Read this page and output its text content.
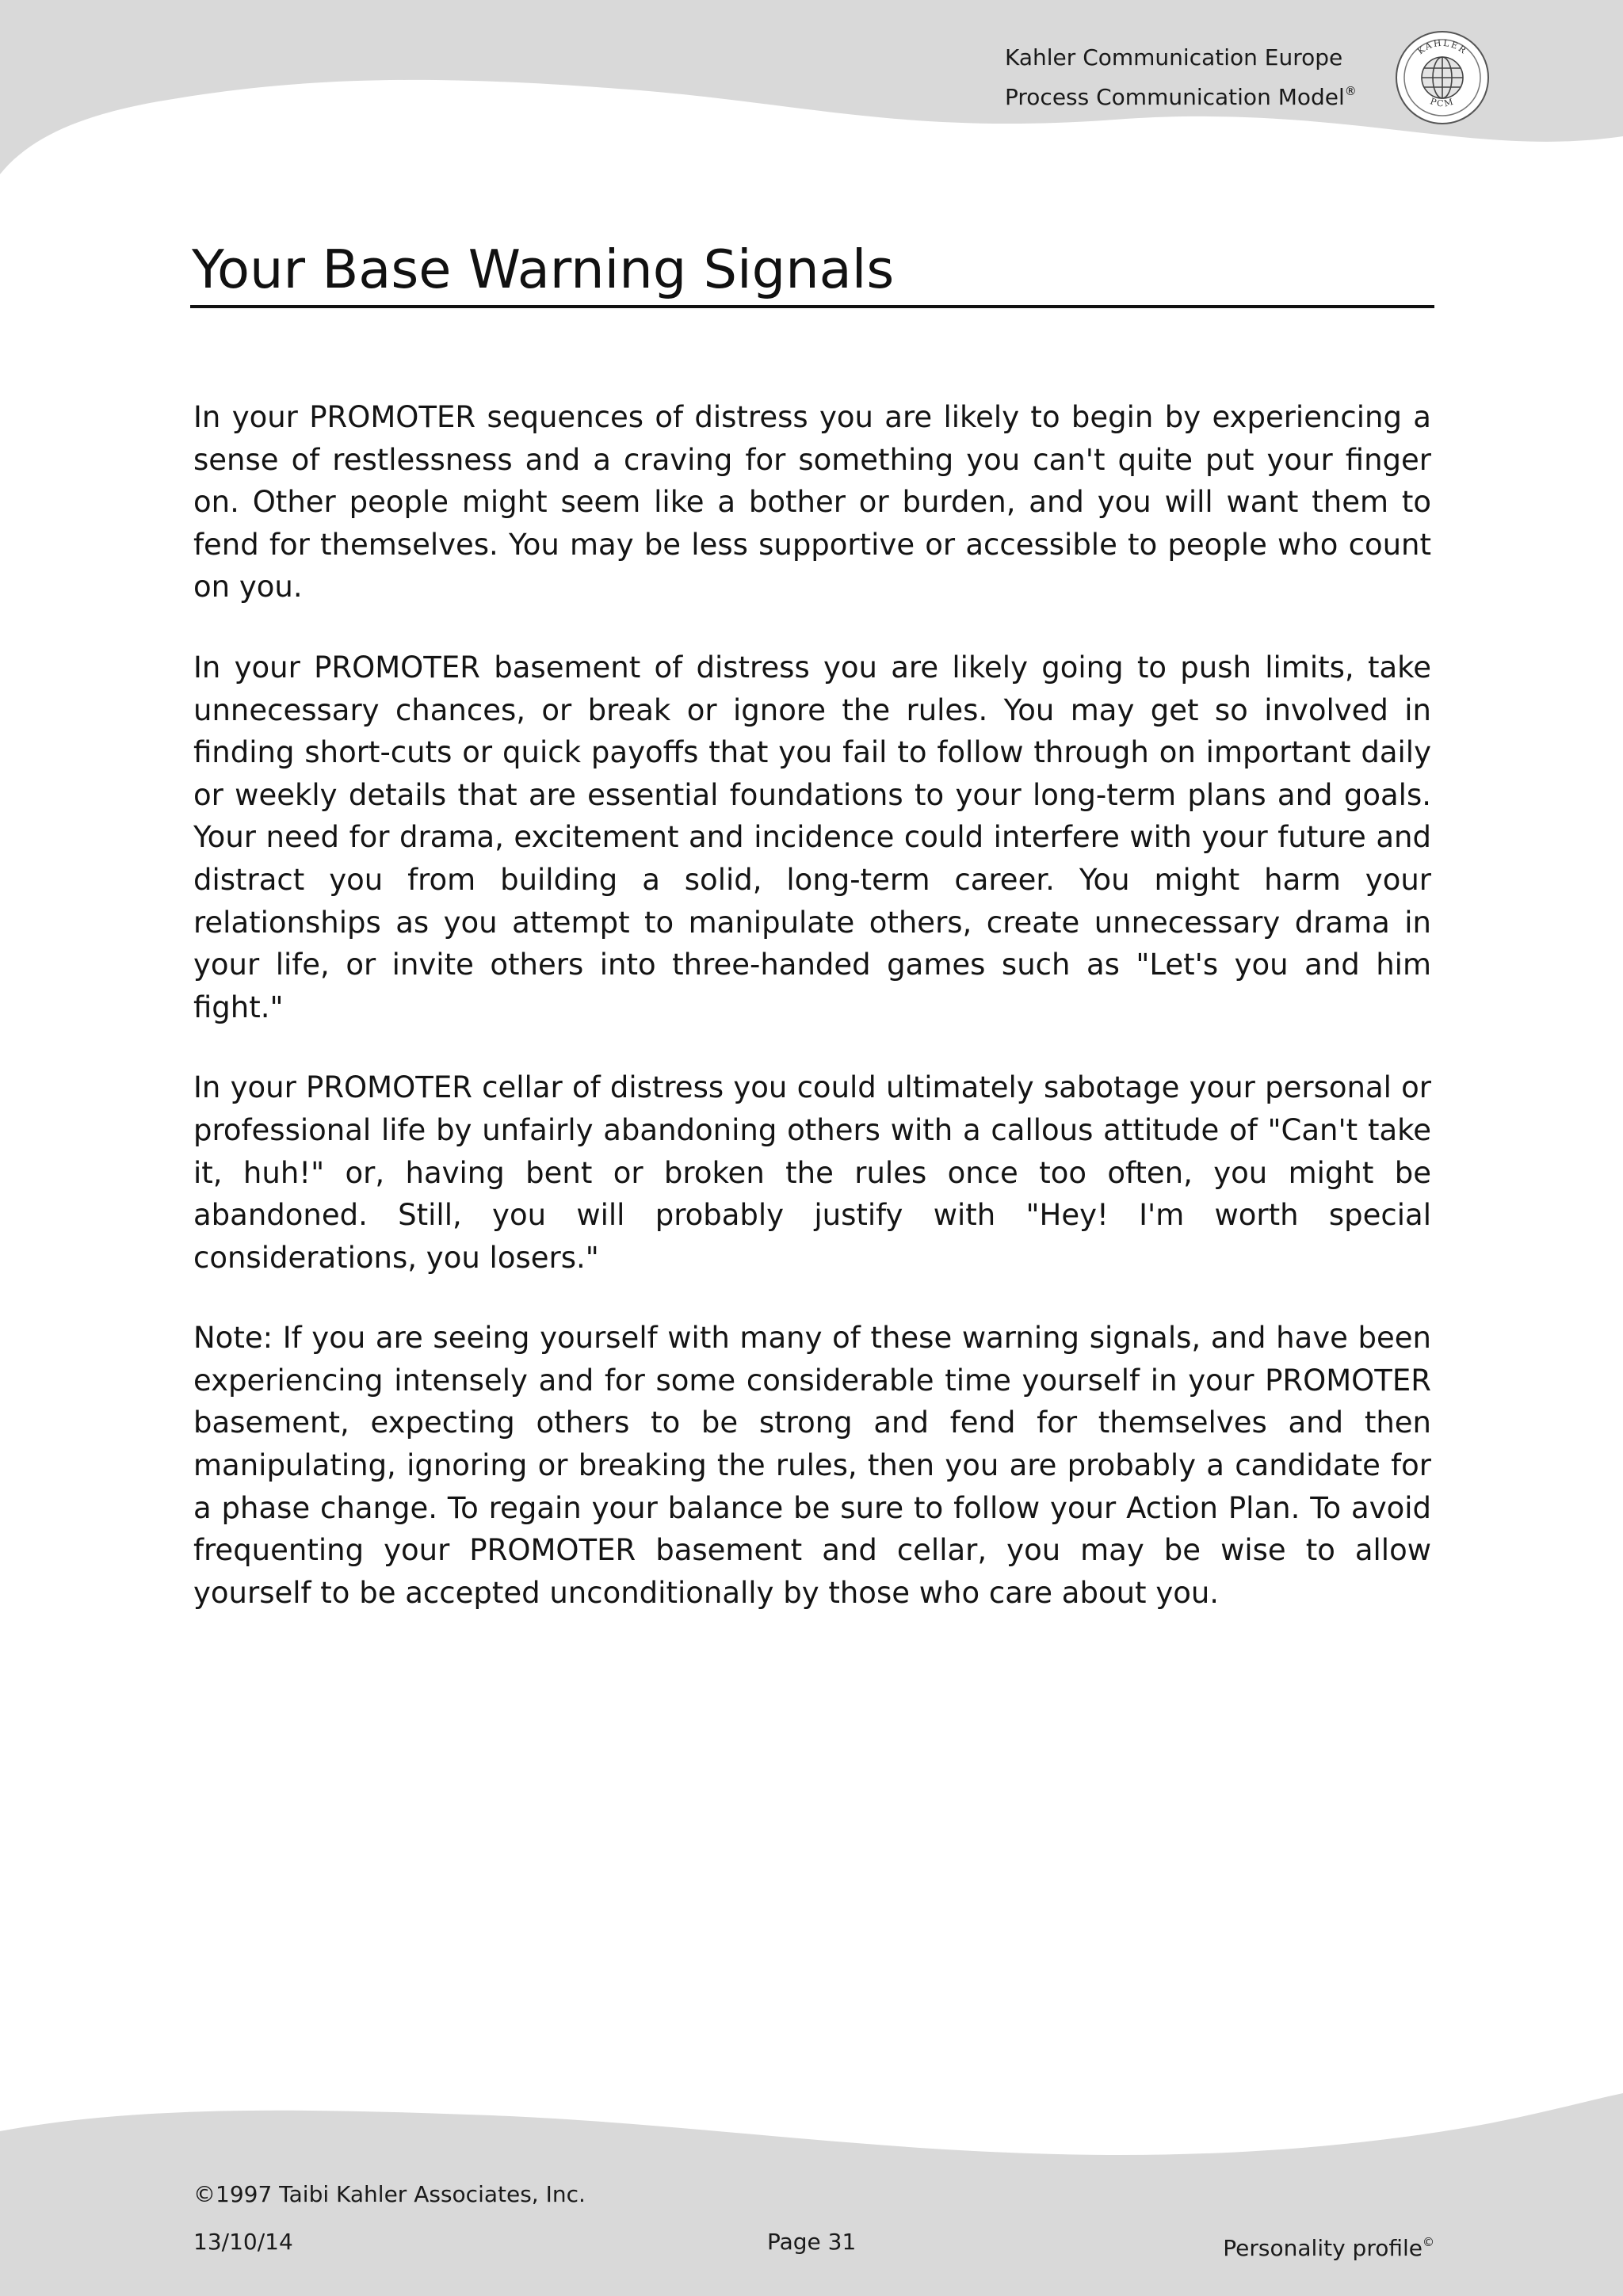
Kahler Communication Europe
Process Communication Model®
KAHLER
PCM
Your Base Warning Signals

In your PROMOTER sequences of distress you are likely to begin by experiencing a sense of restlessness and a craving for something you can't quite put your finger on. Other people might seem like a bother or burden, and you will want them to fend for themselves. You may be less supportive or accessible to people who count on you.

In your PROMOTER basement of distress you are likely going to push limits, take unnecessary chances, or break or ignore the rules. You may get so involved in finding short-cuts or quick payoffs that you fail to follow through on important daily or weekly details that are essential foundations to your long-term plans and goals. Your need for drama, excitement and incidence could interfere with your future and distract you from building a solid, long-term career. You might harm your relationships as you attempt to manipulate others, create unnecessary drama in your life, or invite others into three-handed games such as "Let's you and him fight."

In your PROMOTER cellar of distress you could ultimately sabotage your personal or professional life by unfairly abandoning others with a callous attitude of "Can't take it, huh!" or, having bent or broken the rules once too often, you might be abandoned. Still, you will probably justify with "Hey! I'm worth special considerations, you losers."

Note: If you are seeing yourself with many of these warning signals, and have been experiencing intensely and for some considerable time yourself in your PROMOTER basement, expecting others to be strong and fend for themselves and then manipulating, ignoring or breaking the rules, then you are probably a candidate for a phase change. To regain your balance be sure to follow your Action Plan. To avoid frequenting your PROMOTER basement and cellar, you may be wise to allow yourself to be accepted unconditionally by those who care about you.

©1997 Taibi Kahler Associates, Inc.
13/10/14	Page 31	Personality profile©
